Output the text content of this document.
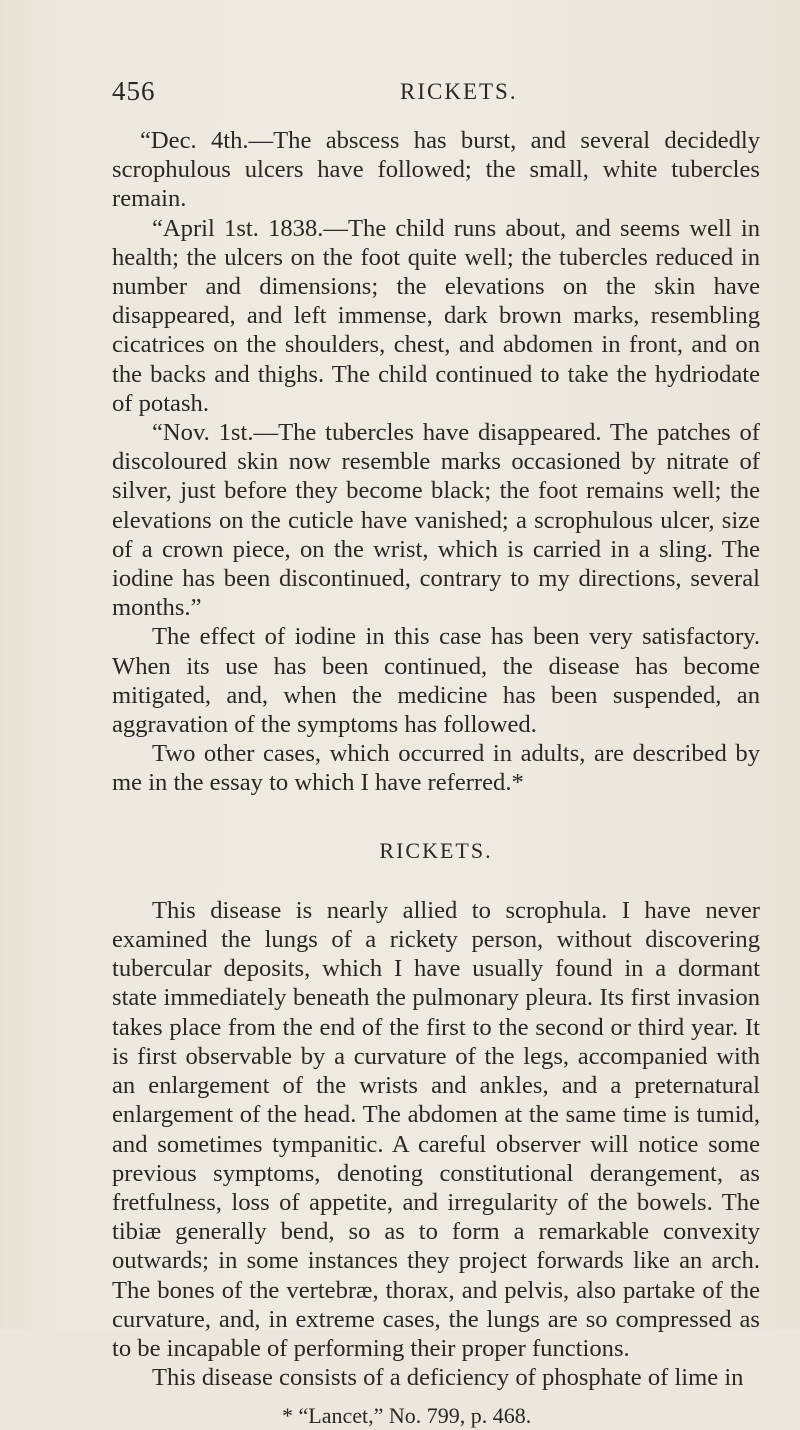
456	RICKETS.

“Dec. 4th.—The abscess has burst, and several decidedly scrophulous ulcers have followed; the small, white tubercles remain.

“April 1st. 1838.—The child runs about, and seems well in health; the ulcers on the foot quite well; the tubercles reduced in number and dimensions; the elevations on the skin have disappeared, and left immense, dark brown marks, resembling cicatrices on the shoulders, chest, and abdomen in front, and on the backs and thighs. The child continued to take the hydriodate of potash.

“Nov. 1st.—The tubercles have disappeared. The patches of discoloured skin now resemble marks occasioned by nitrate of silver, just before they become black; the foot remains well; the elevations on the cuticle have vanished; a scrophulous ulcer, size of a crown piece, on the wrist, which is carried in a sling. The iodine has been discontinued, contrary to my directions, several months.”

The effect of iodine in this case has been very satisfactory. When its use has been continued, the disease has become mitigated, and, when the medicine has been suspended, an aggravation of the symptoms has followed.

Two other cases, which occurred in adults, are described by me in the essay to which I have referred.*

RICKETS.

This disease is nearly allied to scrophula. I have never examined the lungs of a rickety person, without discovering tubercular deposits, which I have usually found in a dormant state immediately beneath the pulmonary pleura. Its first invasion takes place from the end of the first to the second or third year. It is first observable by a curvature of the legs, accompanied with an enlargement of the wrists and ankles, and a preternatural enlargement of the head. The abdomen at the same time is tumid, and sometimes tympanitic. A careful observer will notice some previous symptoms, denoting constitutional derangement, as fretfulness, loss of appetite, and irregularity of the bowels. The tibiæ generally bend, so as to form a remarkable convexity outwards; in some instances they project forwards like an arch. The bones of the vertebræ, thorax, and pelvis, also partake of the curvature, and, in extreme cases, the lungs are so compressed as to be incapable of performing their proper functions.

This disease consists of a deficiency of phosphate of lime in

* “Lancet,” No. 799, p. 468.
